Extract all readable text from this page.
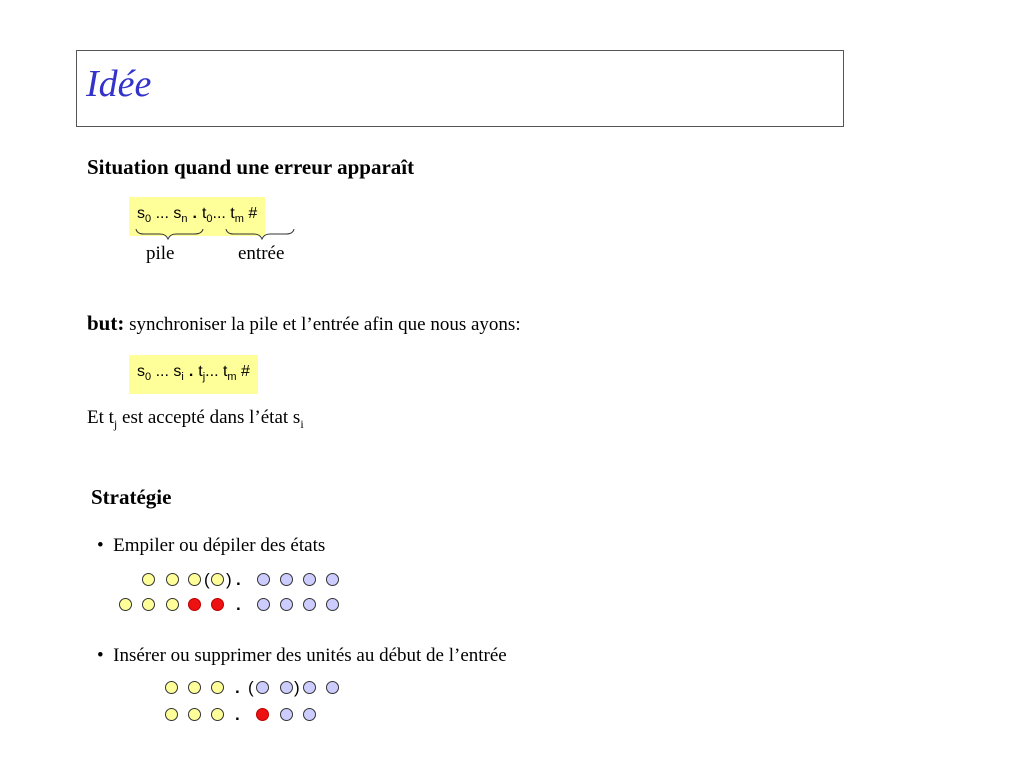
Idée
Situation quand une erreur apparaît
$s_0$ ... $s_n$ . $t_0$... $t_m$ #
pile	entrée
but: synchroniser la pile et l’entrée afin que nous ayons:
$s_0$ ... $s_i$ . $t_j$... $t_m$ #
Et $t_j$ est accepté dans l’état $s_i$
Stratégie
• Empiler ou dépiler des états
( ) .
.
• Insérer ou supprimer des unités au début de l’entrée
. ( )
.
